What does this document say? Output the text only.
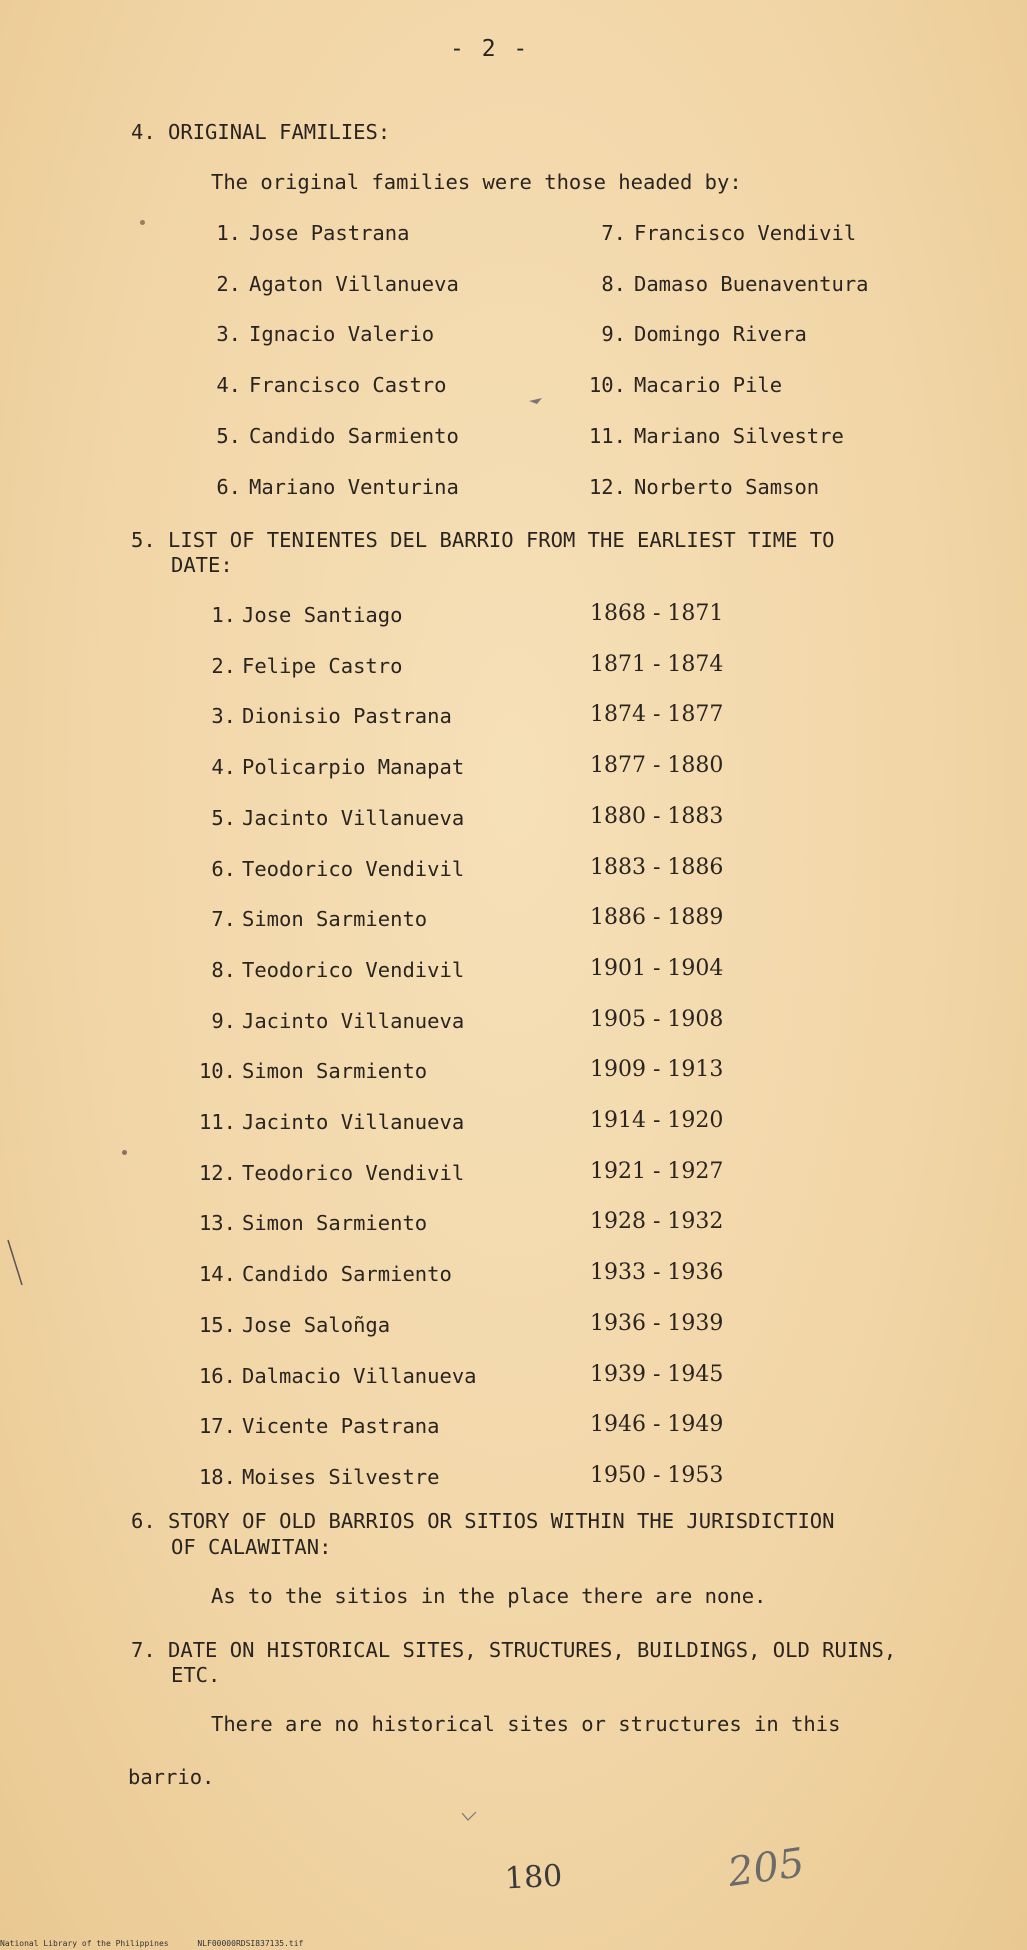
- 2 -
4. ORIGINAL FAMILIES:
The original families were those headed by:
1. Jose Pastrana
2. Agaton Villanueva
3. Ignacio Valerio
4. Francisco Castro
5. Candido Sarmiento
6. Mariano Venturina
7. Francisco Vendivil
8. Damaso Buenaventura
9. Domingo Rivera
10. Macario Pile
11. Mariano Silvestre
12. Norberto Samson
5. LIST OF TENIENTES DEL BARRIO FROM THE EARLIEST TIME TO
DATE:
1. Jose Santiago	1868 - 1871
2. Felipe Castro	1871 - 1874
3. Dionisio Pastrana	1874 - 1877
4. Policarpio Manapat	1877 - 1880
5. Jacinto Villanueva	1880 - 1883
6. Teodorico Vendivil	1883 - 1886
7. Simon Sarmiento	1886 - 1889
8. Teodorico Vendivil	1901 - 1904
9. Jacinto Villanueva	1905 - 1908
10. Simon Sarmiento	1909 - 1913
11. Jacinto Villanueva	1914 - 1920
12. Teodorico Vendivil	1921 - 1927
13. Simon Sarmiento	1928 - 1932
14. Candido Sarmiento	1933 - 1936
15. Jose Saloñga	1936 - 1939
16. Dalmacio Villanueva	1939 - 1945
17. Vicente Pastrana	1946 - 1949
18. Moises Silvestre	1950 - 1953
6. STORY OF OLD BARRIOS OR SITIOS WITHIN THE JURISDICTION
OF CALAWITAN:
As to the sitios in the place there are none.
7. DATE ON HISTORICAL SITES, STRUCTURES, BUILDINGS, OLD RUINS,
ETC.
There are no historical sites or structures in this
barrio.
180	205
National Library of the Philippines	NLF00000RDSI837135.tif
